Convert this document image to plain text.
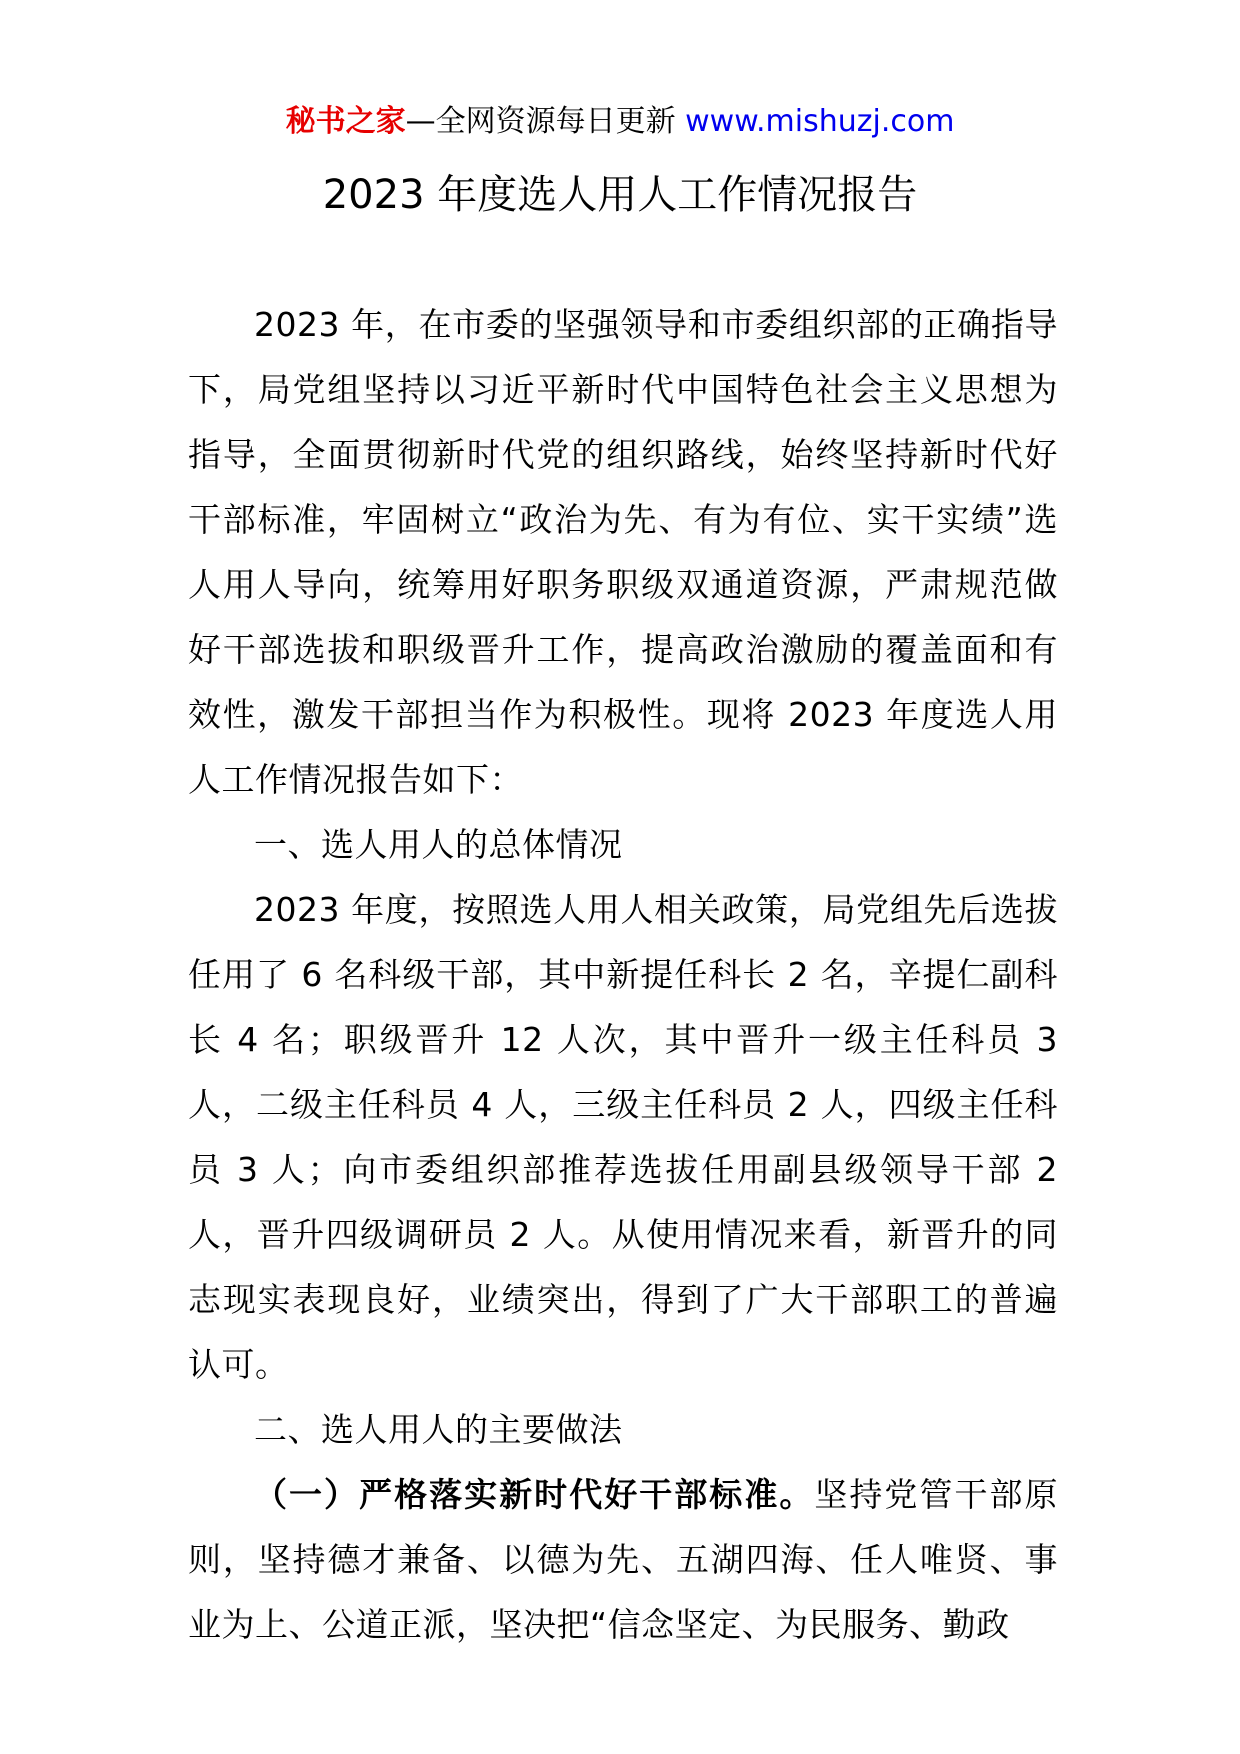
秘书之家—全网资源每日更新 www.mishuzj.com
2023 年度选人用人工作情况报告

2023 年，在市委的坚强领导和市委组织部的正确指导下，局党组坚持以习近平新时代中国特色社会主义思想为指导，全面贯彻新时代党的组织路线，始终坚持新时代好干部标准，牢固树立“政治为先、有为有位、实干实绩”选人用人导向，统筹用好职务职级双通道资源，严肃规范做好干部选拔和职级晋升工作，提高政治激励的覆盖面和有效性，激发干部担当作为积极性。现将 2023 年度选人用人工作情况报告如下：

一、选人用人的总体情况

2023 年度，按照选人用人相关政策，局党组先后选拔任用了 6 名科级干部，其中新提任科长 2 名，辛提仁副科长 4 名；职级晋升 12 人次，其中晋升一级主任科员 3 人，二级主任科员 4 人，三级主任科员 2 人，四级主任科员 3 人；向市委组织部推荐选拔任用副县级领导干部 2 人，晋升四级调研员 2 人。从使用情况来看，新晋升的同志现实表现良好，业绩突出，得到了广大干部职工的普遍认可。

二、选人用人的主要做法

（一）严格落实新时代好干部标准。坚持党管干部原则，坚持德才兼备、以德为先、五湖四海、任人唯贤、事业为上、公道正派，坚决把“信念坚定、为民服务、勤政
